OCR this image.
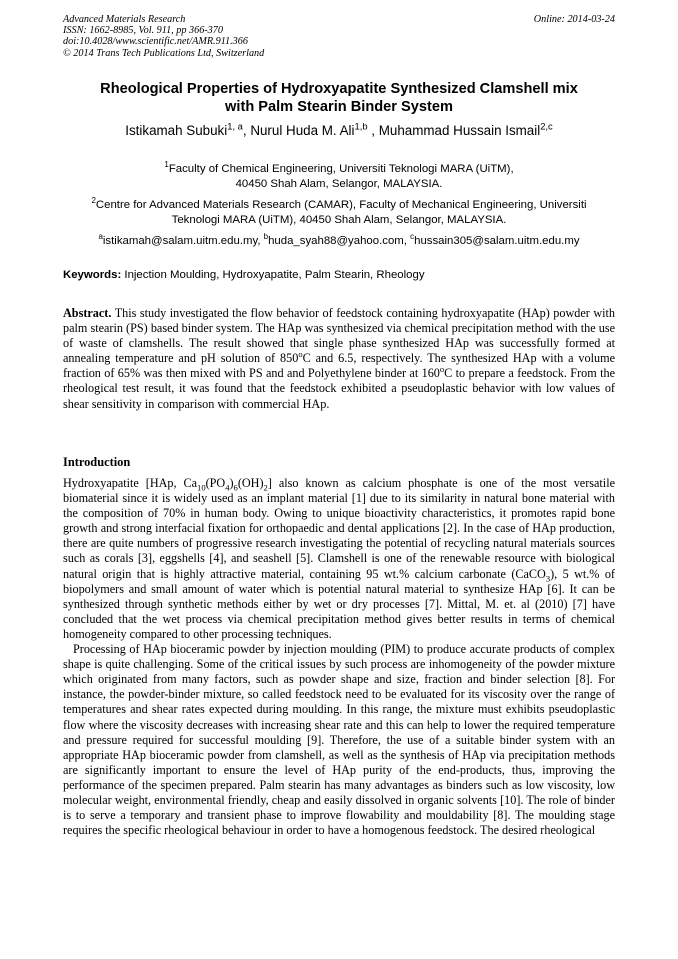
Advanced Materials Research
ISSN: 1662-8985, Vol. 911, pp 366-370
doi:10.4028/www.scientific.net/AMR.911.366
© 2014 Trans Tech Publications Ltd, Switzerland
Online: 2014-03-24
Rheological Properties of Hydroxyapatite Synthesized Clamshell mix
with Palm Stearin Binder System
Istikamah Subuki$^{1, a}$, Nurul Huda M. Ali$^{1,b}$ , Muhammad Hussain Ismail$^{2,c}$
$^1$Faculty of Chemical Engineering, Universiti Teknologi MARA (UiTM),
40450 Shah Alam, Selangor, MALAYSIA.
$^2$Centre for Advanced Materials Research (CAMAR), Faculty of Mechanical Engineering, Universiti
Teknologi MARA (UiTM), 40450 Shah Alam, Selangor, MALAYSIA.
$^a$istikamah@salam.uitm.edu.my, $^b$huda_syah88@yahoo.com, $^c$hussain305@salam.uitm.edu.my
Keywords: Injection Moulding, Hydroxyapatite, Palm Stearin, Rheology
Abstract. This study investigated the flow behavior of feedstock containing hydroxyapatite (HAp) powder with palm stearin (PS) based binder system. The HAp was synthesized via chemical precipitation method with the use of waste of clamshells. The result showed that single phase synthesized HAp was successfully formed at annealing temperature and pH solution of 850$^o$C and 6.5, respectively. The synthesized HAp with a volume fraction of 65% was then mixed with PS and and Polyethylene binder at 160$^o$C to prepare a feedstock. From the rheological test result, it was found that the feedstock exhibited a pseudoplastic behavior with low values of shear sensitivity in comparison with commercial HAp.
Introduction

Hydroxyapatite [HAp, $Ca_{10}(PO_4)_6(OH)_2$] also known as calcium phosphate is one of the most versatile biomaterial since it is widely used as an implant material [1] due to its similarity in natural bone material with the composition of 70% in human body. Owing to unique bioactivity characteristics, it promotes rapid bone growth and strong interfacial fixation for orthopaedic and dental applications [2]. In the case of HAp production, there are quite numbers of progressive research investigating the potential of recycling natural materials sources such as corals [3], eggshells [4], and seashell [5]. Clamshell is one of the renewable resource with biological natural origin that is highly attractive material, containing 95 wt.% calcium carbonate (CaCO$_3$), 5 wt.% of biopolymers and small amount of water which is potential natural material to synthesize HAp [6]. It can be synthesized through synthetic methods either by wet or dry processes [7]. Mittal, M. et. al (2010) [7] have concluded that the wet process via chemical precipitation method gives better results in terms of chemical homogeneity compared to other processing techniques.

Processing of HAp bioceramic powder by injection moulding (PIM) to produce accurate products of complex shape is quite challenging. Some of the critical issues by such process are inhomogeneity of the powder mixture which originated from many factors, such as powder shape and size, fraction and binder selection [8]. For instance, the powder-binder mixture, so called feedstock need to be evaluated for its viscosity over the range of temperatures and shear rates expected during moulding. In this range, the mixture must exhibits pseudoplastic flow where the viscosity decreases with increasing shear rate and this can help to lower the required temperature and pressure required for successful moulding [9]. Therefore, the use of a suitable binder system with an appropriate HAp bioceramic powder from clamshell, as well as the synthesis of HAp via precipitation methods are significantly important to ensure the level of HAp purity of the end-products, thus, improving the performance of the specimen prepared. Palm stearin has many advantages as binders such as low viscosity, low molecular weight, environmental friendly, cheap and easily dissolved in organic solvents [10]. The role of binder is to serve a temporary and transient phase to improve flowability and mouldability [8]. The moulding stage requires the specific rheological behaviour in order to have a homogenous feedstock. The desired rheological
